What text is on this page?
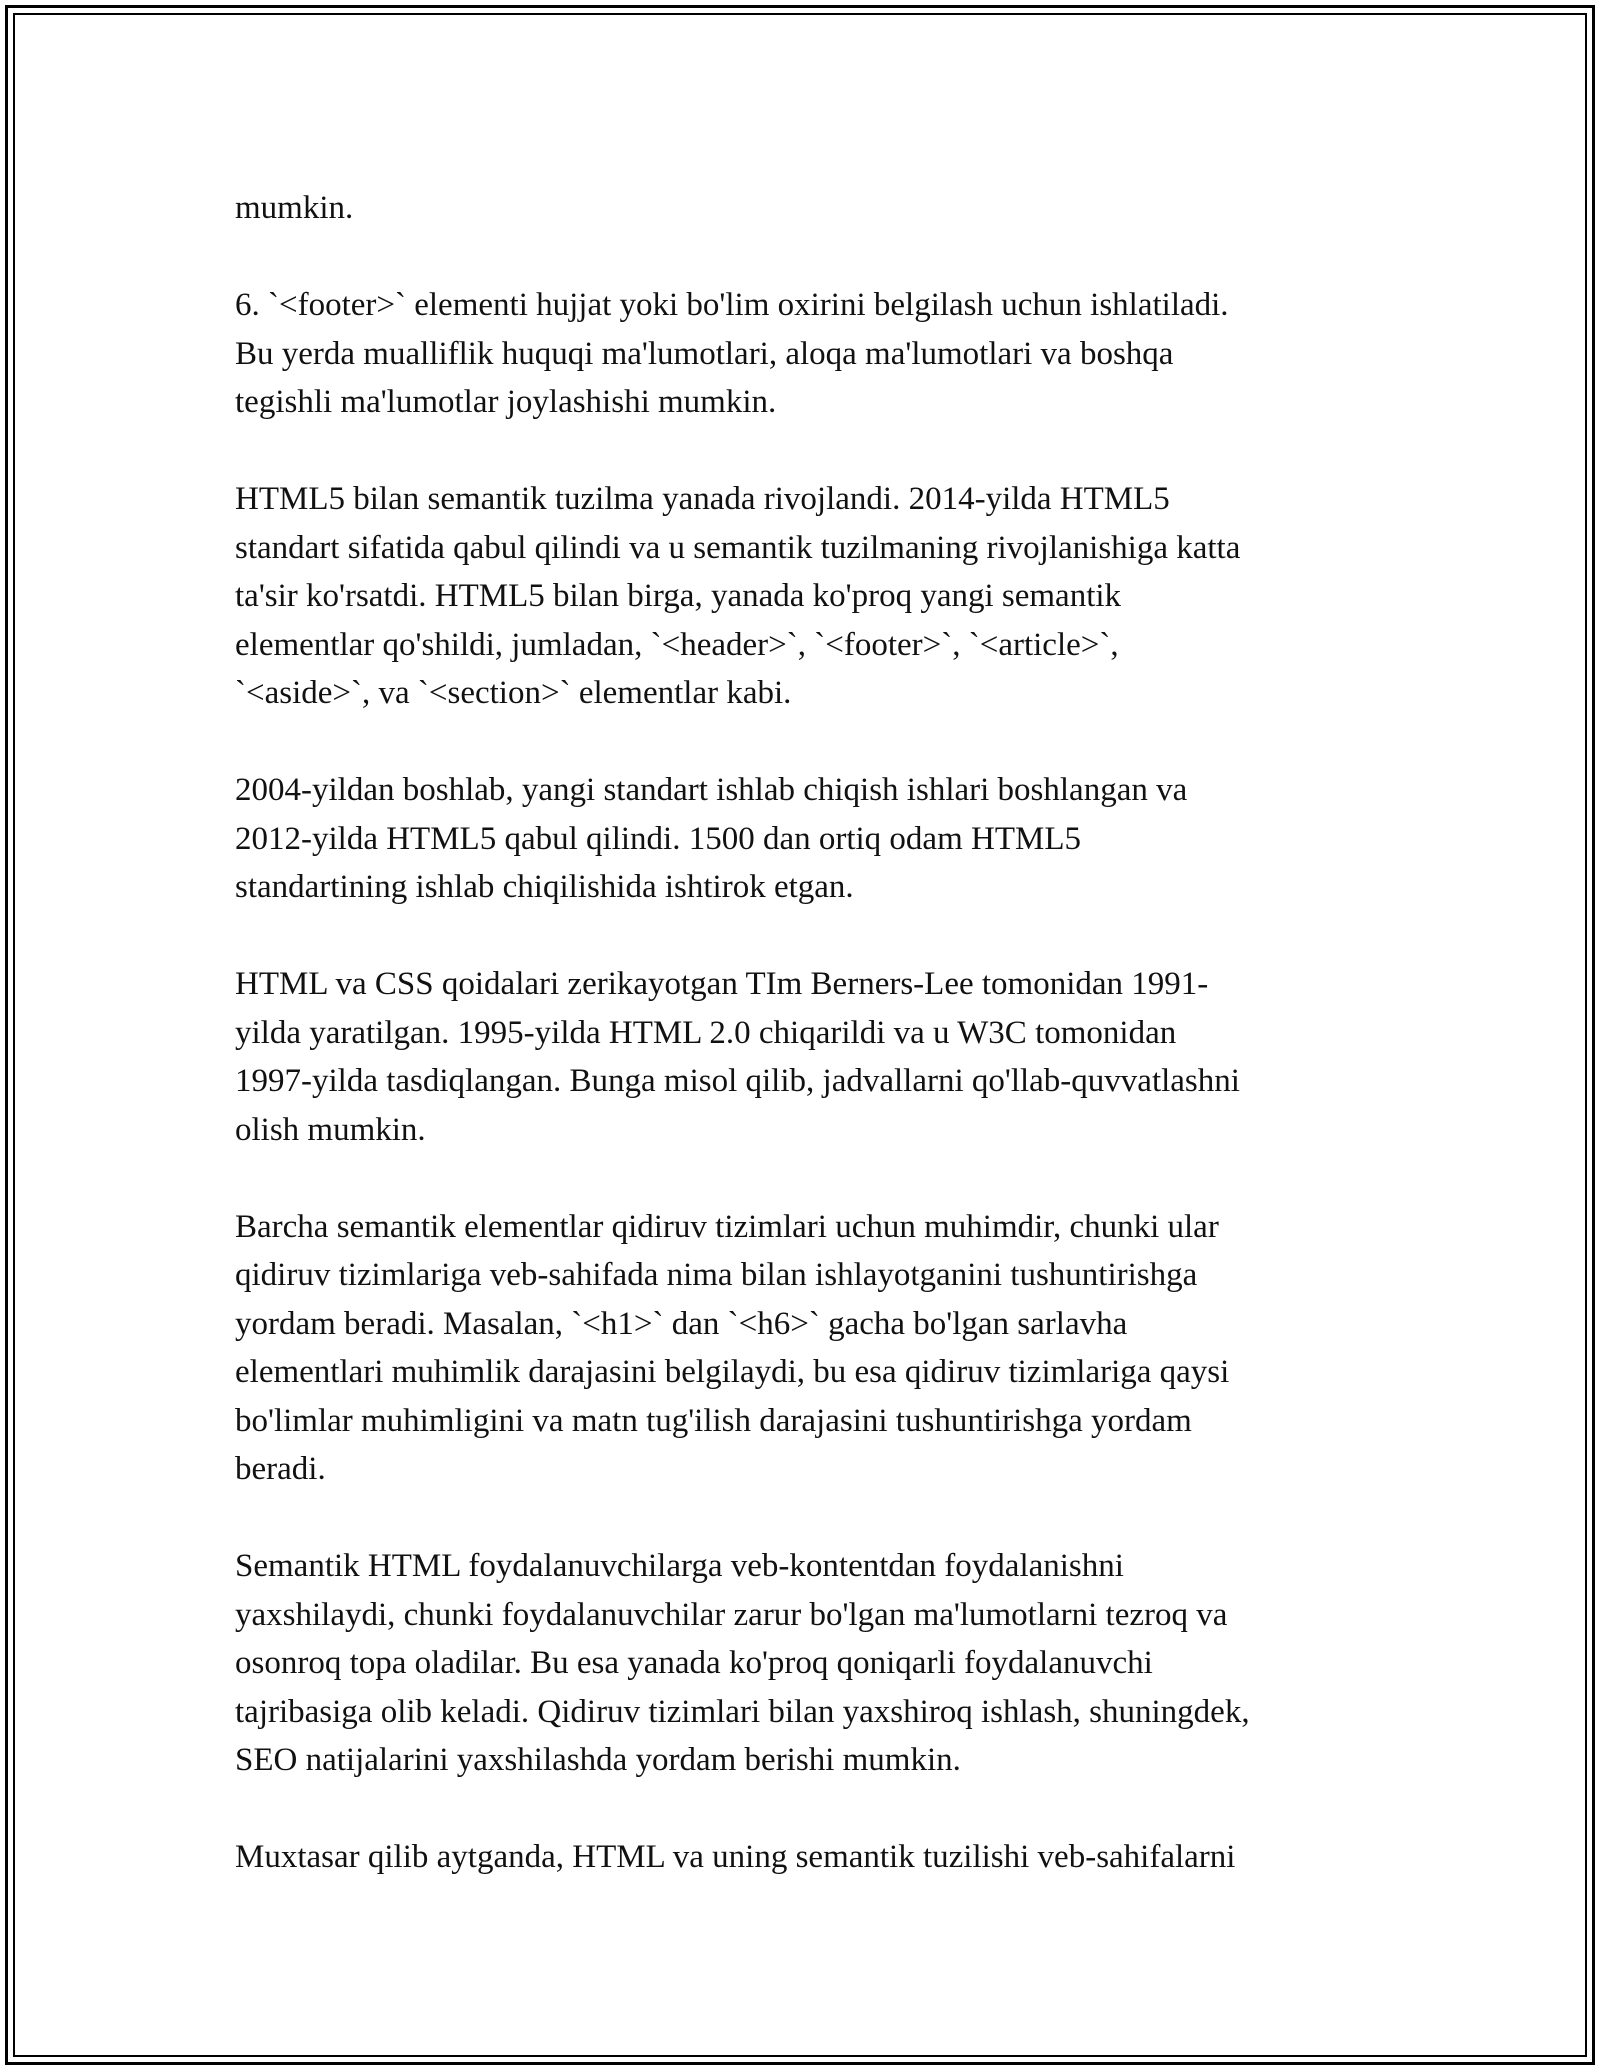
mumkin.

6. `<footer>` elementi hujjat yoki bo'lim oxirini belgilash uchun ishlatiladi.
Bu yerda mualliflik huquqi ma'lumotlari, aloqa ma'lumotlari va boshqa
tegishli ma'lumotlar joylashishi mumkin.

HTML5 bilan semantik tuzilma yanada rivojlandi. 2014-yilda HTML5
standart sifatida qabul qilindi va u semantik tuzilmaning rivojlanishiga katta
ta'sir ko'rsatdi. HTML5 bilan birga, yanada ko'proq yangi semantik
elementlar qo'shildi, jumladan, `<header>`, `<footer>`, `<article>`,
`<aside>`, va `<section>` elementlar kabi.

2004-yildan boshlab, yangi standart ishlab chiqish ishlari boshlangan va
2012-yilda HTML5 qabul qilindi. 1500 dan ortiq odam HTML5
standartining ishlab chiqilishida ishtirok etgan.

HTML va CSS qoidalari zerikayotgan TIm Berners-Lee tomonidan 1991-
yilda yaratilgan. 1995-yilda HTML 2.0 chiqarildi va u W3C tomonidan
1997-yilda tasdiqlangan. Bunga misol qilib, jadvallarni qo'llab-quvvatlashni
olish mumkin.

Barcha semantik elementlar qidiruv tizimlari uchun muhimdir, chunki ular
qidiruv tizimlariga veb-sahifada nima bilan ishlayotganini tushuntirishga
yordam beradi. Masalan, `<h1>` dan `<h6>` gacha bo'lgan sarlavha
elementlari muhimlik darajasini belgilaydi, bu esa qidiruv tizimlariga qaysi
bo'limlar muhimligini va matn tug'ilish darajasini tushuntirishga yordam
beradi.

Semantik HTML foydalanuvchilarga veb-kontentdan foydalanishni
yaxshilaydi, chunki foydalanuvchilar zarur bo'lgan ma'lumotlarni tezroq va
osonroq topa oladilar. Bu esa yanada ko'proq qoniqarli foydalanuvchi
tajribasiga olib keladi. Qidiruv tizimlari bilan yaxshiroq ishlash, shuningdek,
SEO natijalarini yaxshilashda yordam berishi mumkin.

Muxtasar qilib aytganda, HTML va uning semantik tuzilishi veb-sahifalarni
